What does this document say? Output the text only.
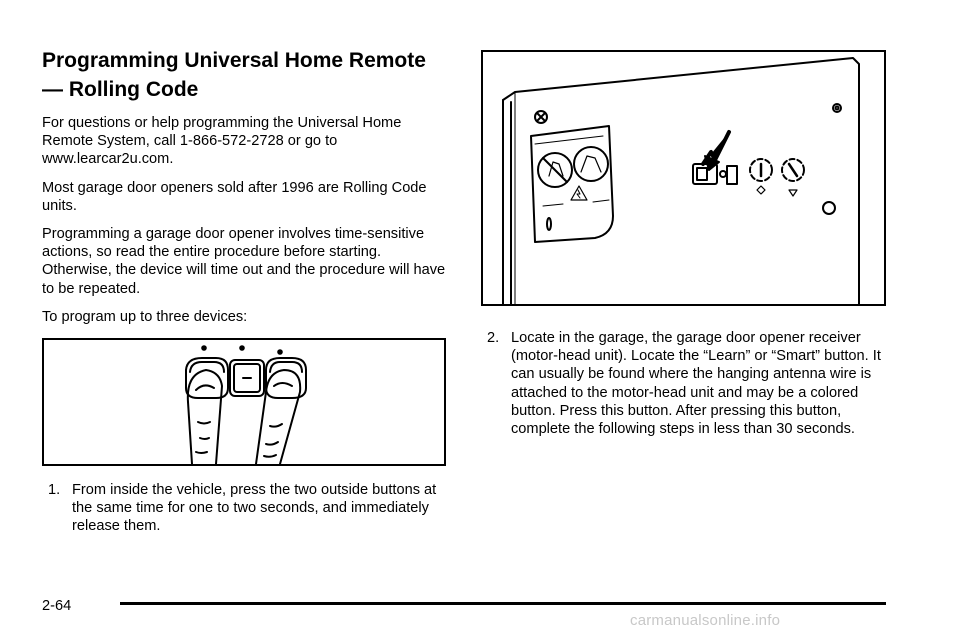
Programming Universal Home Remote — Rolling Code

For questions or help programming the Universal Home Remote System, call 1-866-572-2728 or go to www.learcar2u.com.

Most garage door openers sold after 1996 are Rolling Code units.

Programming a garage door opener involves time-sensitive actions, so read the entire procedure before starting. Otherwise, the device will time out and the procedure will have to be repeated.

To program up to three devices:

1. From inside the vehicle, press the two outside buttons at the same time for one to two seconds, and immediately release them.
2. Locate in the garage, the garage door opener receiver (motor-head unit). Locate the “Learn” or “Smart” button. It can usually be found where the hanging antenna wire is attached to the motor-head unit and may be a colored button. Press this button. After pressing this button, complete the following steps in less than 30 seconds.
2-64
carmanualsonline.info
